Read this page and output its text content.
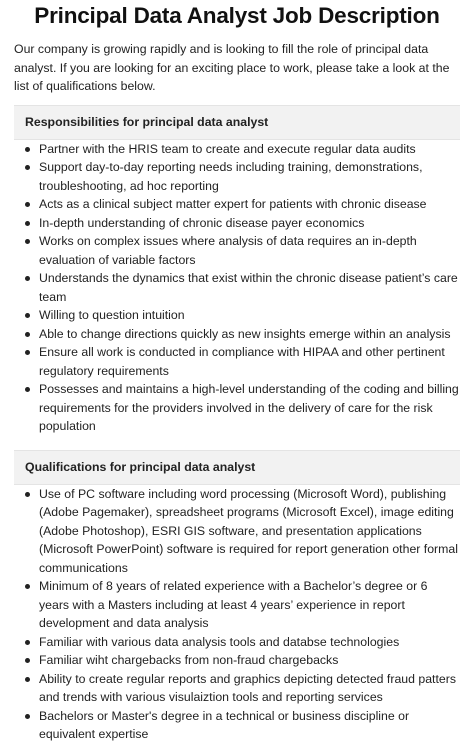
Principal Data Analyst Job Description

Our company is growing rapidly and is looking to fill the role of principal data analyst. If you are looking for an exciting place to work, please take a look at the list of qualifications below.

Responsibilities for principal data analyst
Partner with the HRIS team to create and execute regular data audits
Support day-to-day reporting needs including training, demonstrations, troubleshooting, ad hoc reporting
Acts as a clinical subject matter expert for patients with chronic disease
In-depth understanding of chronic disease payer economics
Works on complex issues where analysis of data requires an in-depth evaluation of variable factors
Understands the dynamics that exist within the chronic disease patient’s care team
Willing to question intuition
Able to change directions quickly as new insights emerge within an analysis
Ensure all work is conducted in compliance with HIPAA and other pertinent regulatory requirements
Possesses and maintains a high-level understanding of the coding and billing requirements for the providers involved in the delivery of care for the risk population
Qualifications for principal data analyst
Use of PC software including word processing (Microsoft Word), publishing (Adobe Pagemaker), spreadsheet programs (Microsoft Excel), image editing (Adobe Photoshop), ESRI GIS software, and presentation applications (Microsoft PowerPoint) software is required for report generation other formal communications
Minimum of 8 years of related experience with a Bachelor’s degree or 6 years with a Masters including at least 4 years’ experience in report development and data analysis
Familiar with various data analysis tools and databse technologies
Familiar wiht chargebacks from non-fraud chargebacks
Ability to create regular reports and graphics depicting detected fraud patters and trends with various visulaiztion tools and reporting services
Bachelors or Master's degree in a technical or business discipline or equivalent expertise
